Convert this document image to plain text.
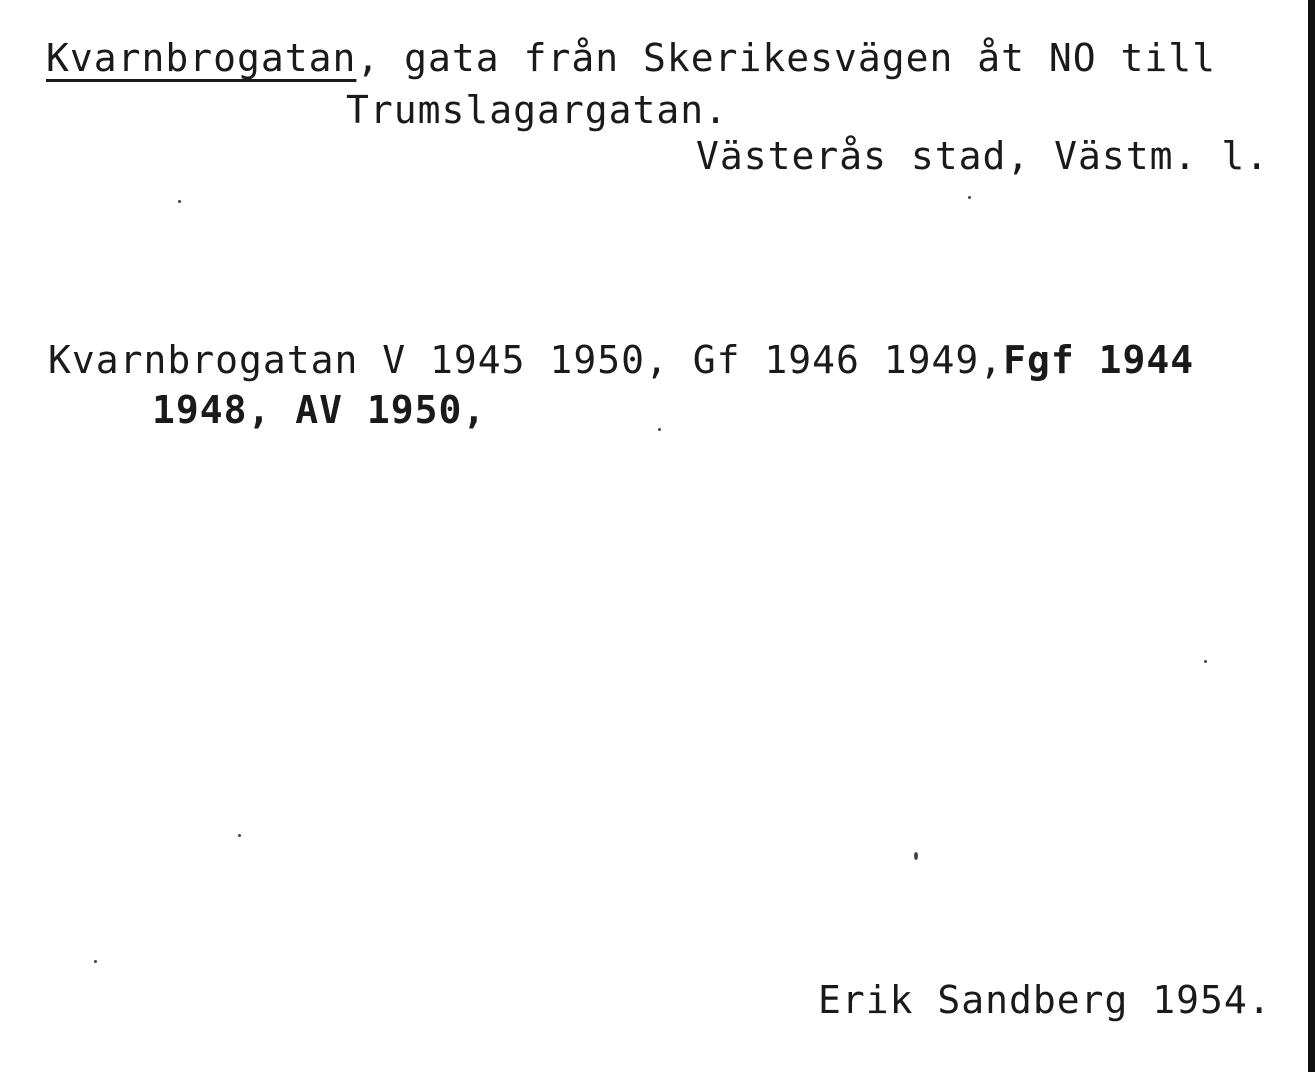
Kvarnbrogatan, gata från Skerikesvägen åt NO till
Trumslagargatan.
Västerås stad, Västm. l.
Kvarnbrogatan V 1945 1950, Gf 1946 1949,Fgf 1944
1948, AV 1950,
Erik Sandberg 1954.
